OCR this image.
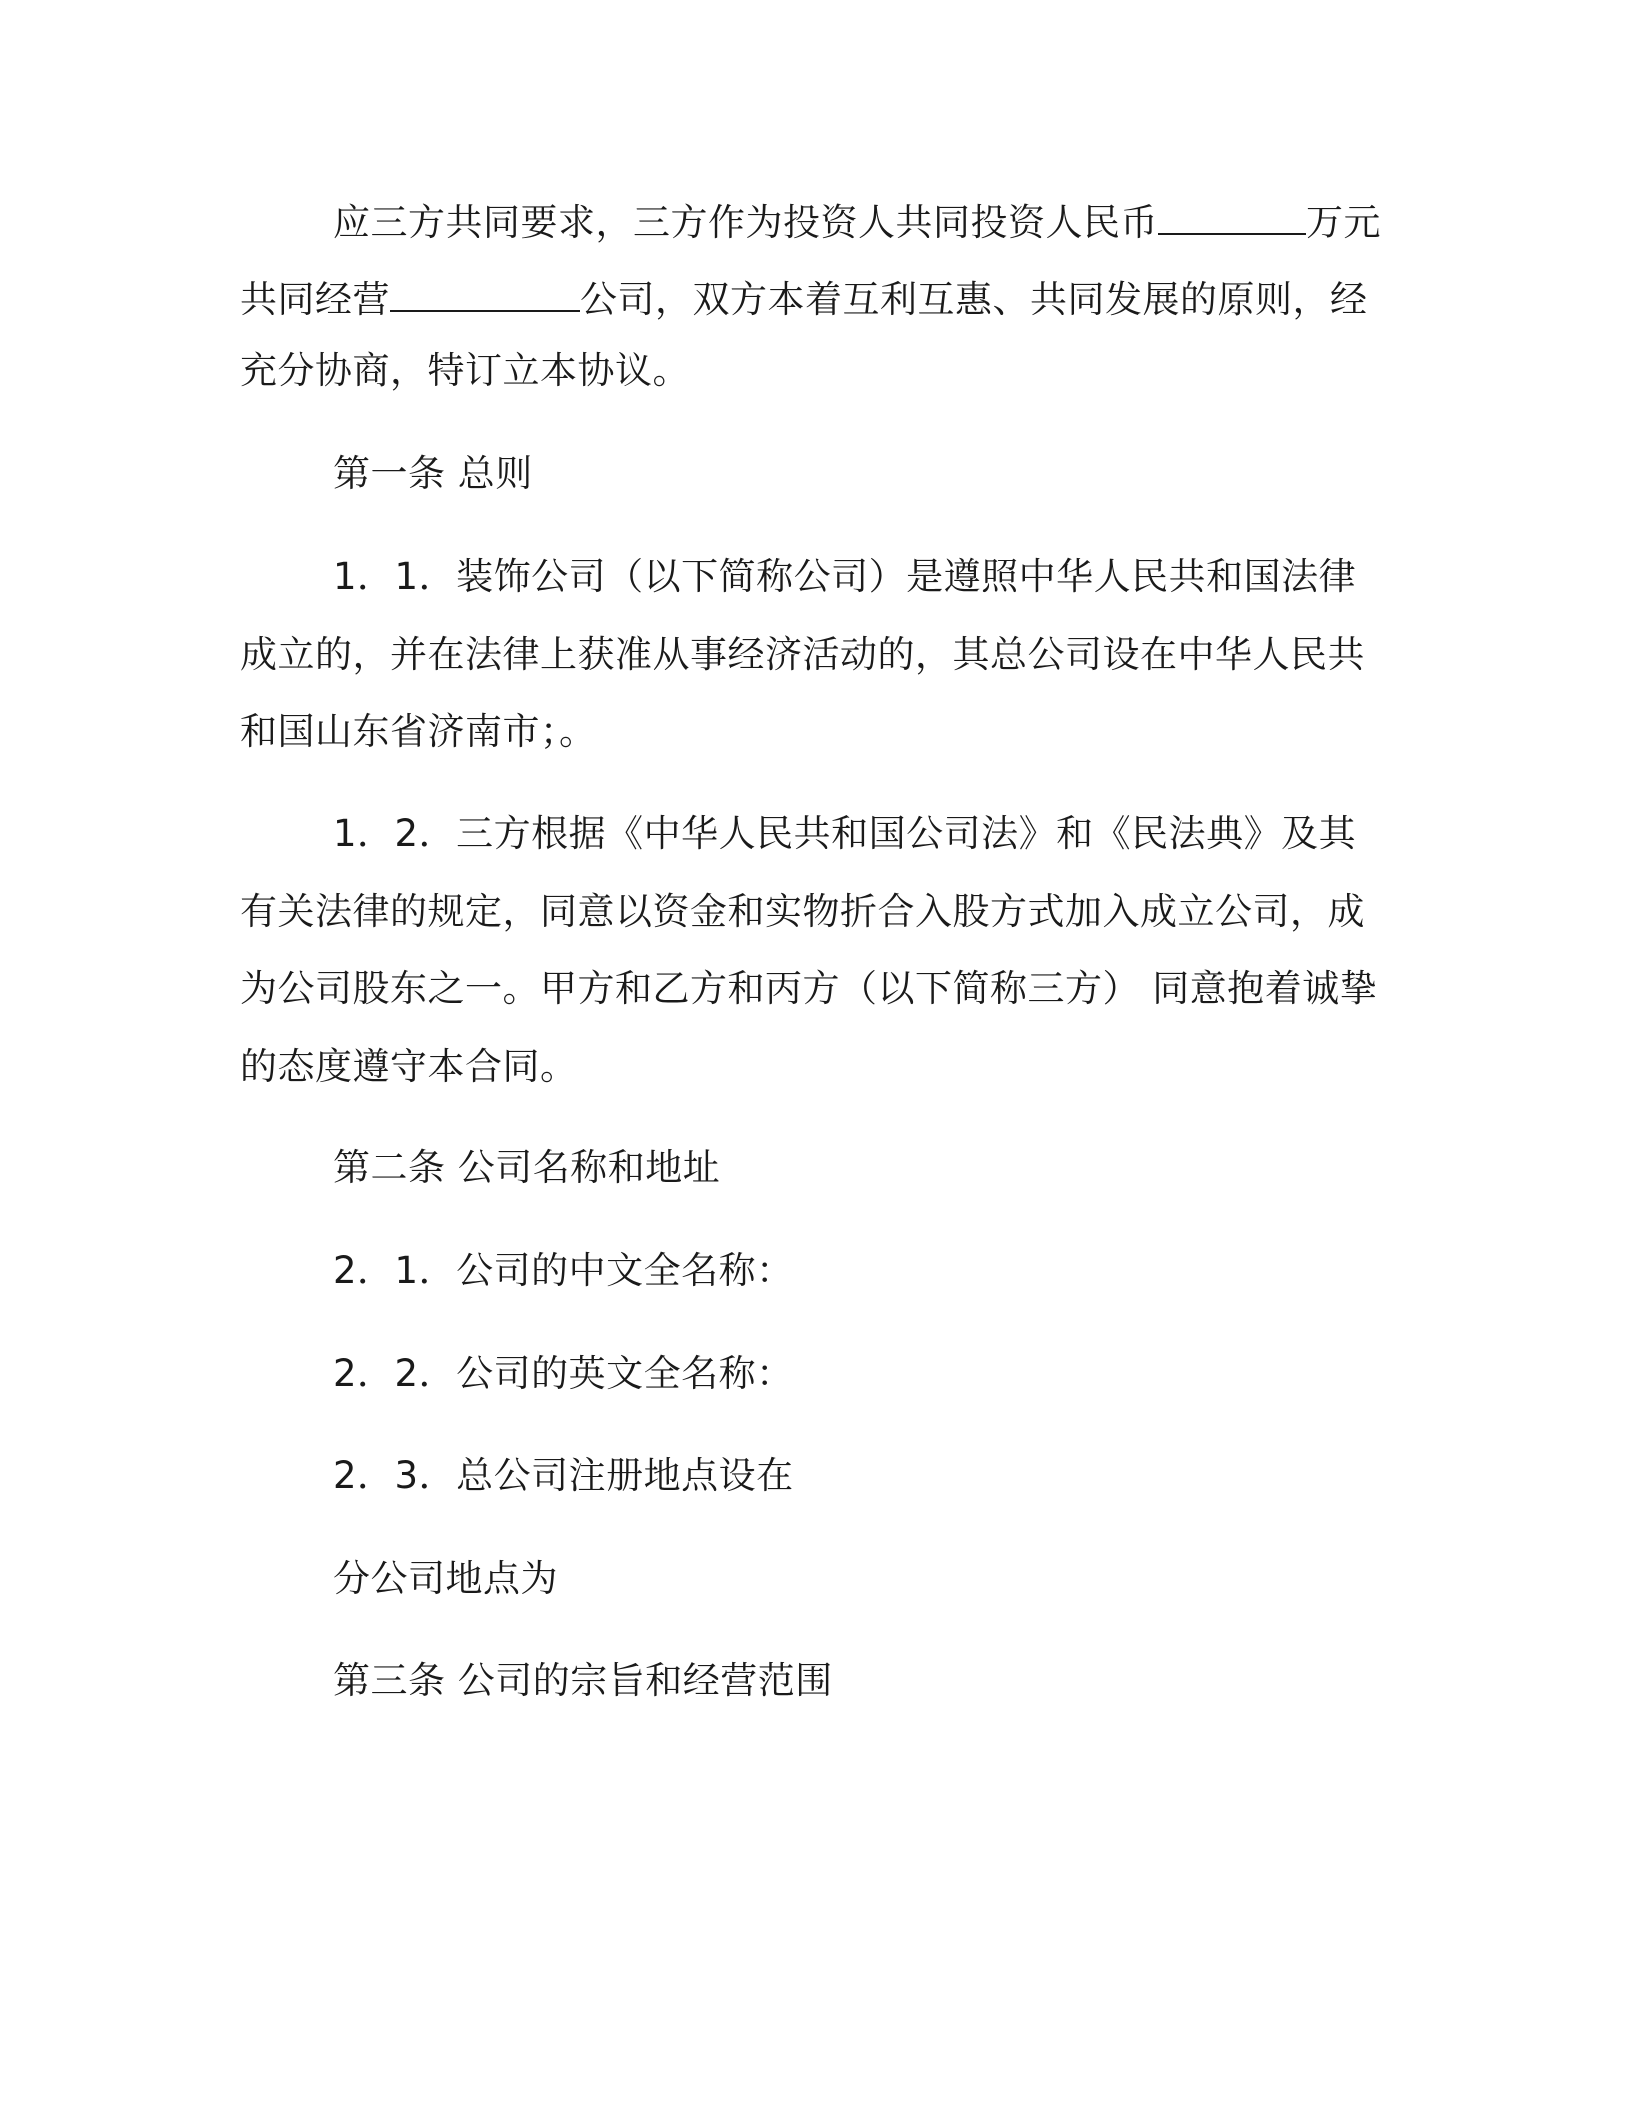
应三方共同要求，三方作为投资人共同投资人民币	万元
共同经营	公司，双方本着互利互惠、共同发展的原则，经
充分协商，特订立本协议。
第一条 总则
1．1．装饰公司（以下简称公司）是遵照中华人民共和国法律
成立的，并在法律上获准从事经济活动的，其总公司设在中华人民共
和国山东省济南市；。
1．2．三方根据《中华人民共和国公司法》和《民法典》及其
有关法律的规定，同意以资金和实物折合入股方式加入成立公司，成
为公司股东之一。甲方和乙方和丙方（以下简称三方） 同意抱着诚挚
的态度遵守本合同。
第二条 公司名称和地址
2．1．公司的中文全名称：
2．2．公司的英文全名称：
2．3．总公司注册地点设在
分公司地点为
第三条 公司的宗旨和经营范围
